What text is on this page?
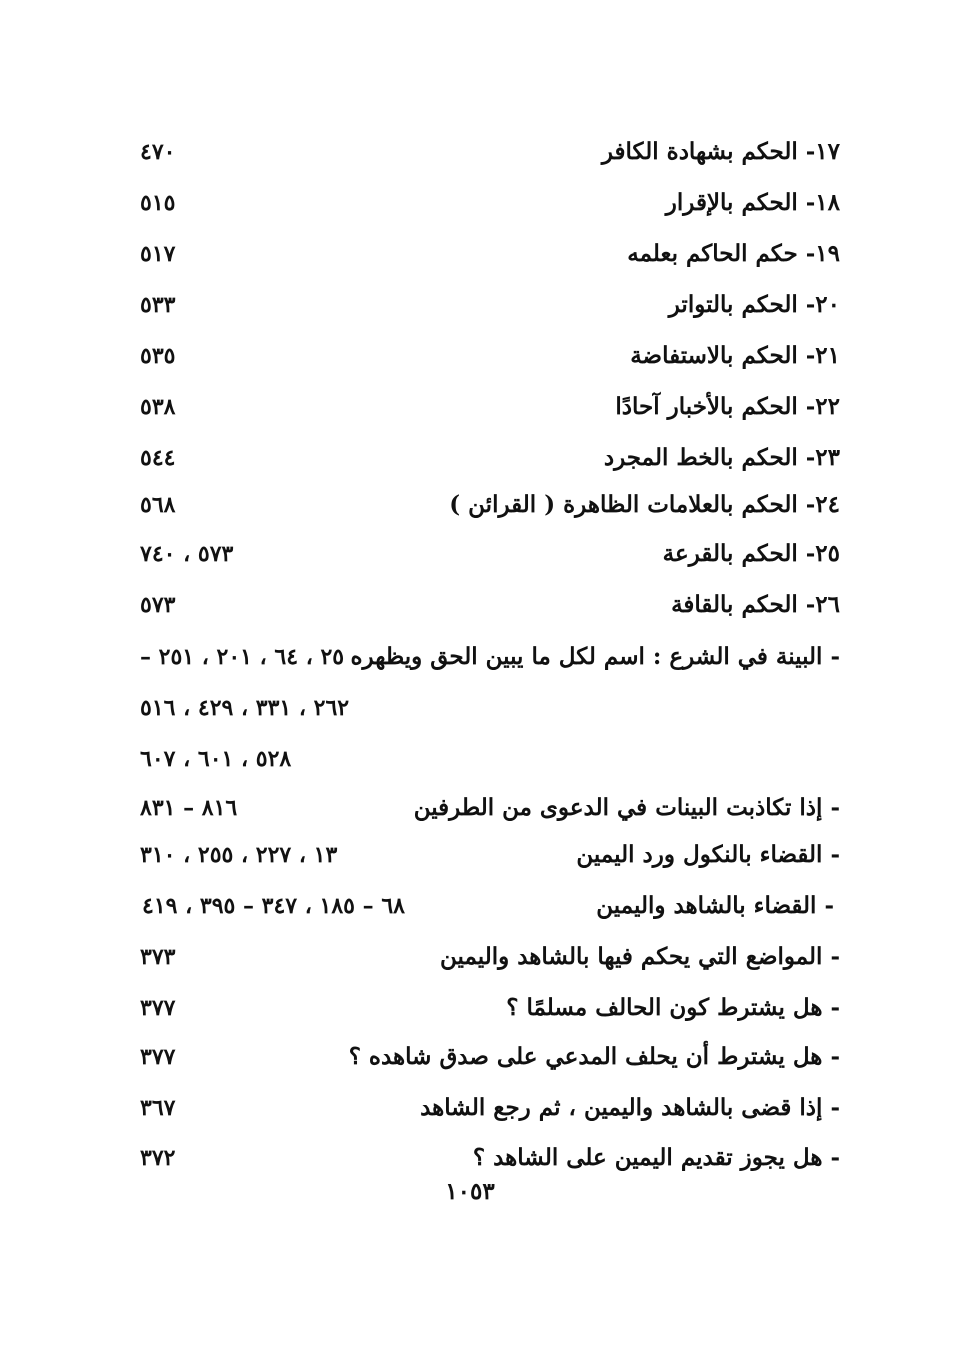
١٧- الحكم بشهادة الكافر
٤٧٠
١٨- الحكم بالإقرار
٥١٥
١٩- حكم الحاكم بعلمه
٥١٧
٢٠- الحكم بالتواتر
٥٣٣
٢١- الحكم بالاستفاضة
٥٣٥
٢٢- الحكم بالأخبار آحادًا
٥٣٨
٢٣- الحكم بالخط المجرد
٥٤٤
٢٤- الحكم بالعلامات الظاهرة ( القرائن )
٥٦٨
٢٥- الحكم بالقرعة
٥٧٣ ، ٧٤٠
٢٦- الحكم بالقافة
٥٧٣
- البينة في الشرع : اسم لكل ما يبين الحق ويظهره
٢٥ ، ٦٤ ، ٢٠١ ، ٢٥١ –
٢٦٢ ، ٣٣١ ، ٤٢٩ ، ٥١٦
٥٢٨ ، ٦٠١ ، ٦٠٧
- إذا تكاذبت البينات في الدعوى من الطرفين
٨١٦ – ٨٣١
- القضاء بالنكول ورد اليمين
١٣ ، ٢٢٧ ، ٢٥٥ ، ٣١٠
- القضاء بالشاهد واليمين
٦٨ – ١٨٥ ، ٣٤٧ – ٣٩٥ ، ٤١٩
- المواضع التي يحكم فيها بالشاهد واليمين
٣٧٣
- هل يشترط كون الحالف مسلمًا ؟
٣٧٧
- هل يشترط أن يحلف المدعي على صدق شاهده ؟
٣٧٧
- إذا قضى بالشاهد واليمين ، ثم رجع الشاهد
٣٦٧
- هل يجوز تقديم اليمين على الشاهد ؟
٣٧٢
١٠٥٣
